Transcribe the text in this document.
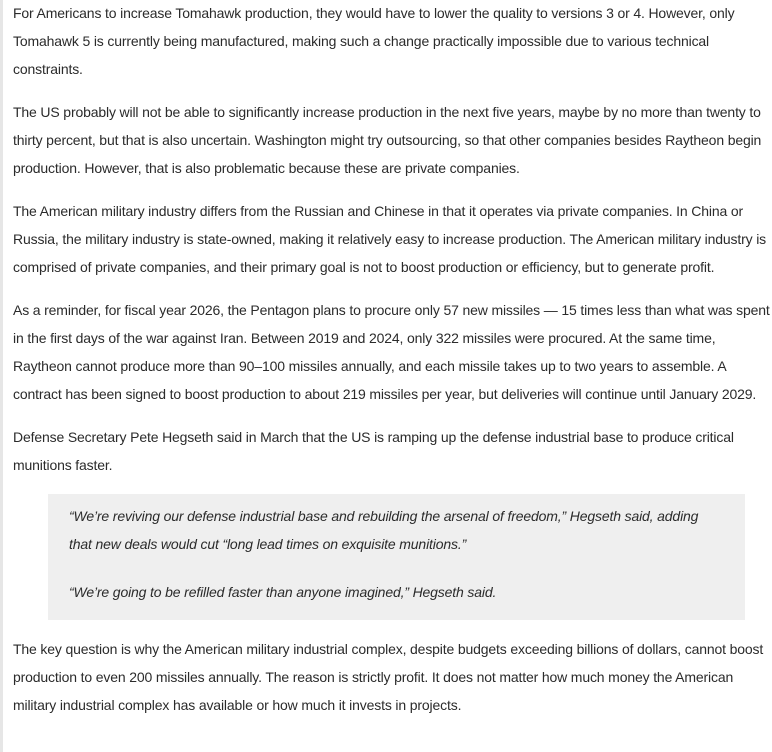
For Americans to increase Tomahawk production, they would have to lower the quality to versions 3 or 4. However, only Tomahawk 5 is currently being manufactured, making such a change practically impossible due to various technical constraints.

The US probably will not be able to significantly increase production in the next five years, maybe by no more than twenty to thirty percent, but that is also uncertain. Washington might try outsourcing, so that other companies besides Raytheon begin production. However, that is also problematic because these are private companies.

The American military industry differs from the Russian and Chinese in that it operates via private companies. In China or Russia, the military industry is state-owned, making it relatively easy to increase production. The American military industry is comprised of private companies, and their primary goal is not to boost production or efficiency, but to generate profit.

As a reminder, for fiscal year 2026, the Pentagon plans to procure only 57 new missiles — 15 times less than what was spent in the first days of the war against Iran. Between 2019 and 2024, only 322 missiles were procured. At the same time, Raytheon cannot produce more than 90–100 missiles annually, and each missile takes up to two years to assemble. A contract has been signed to boost production to about 219 missiles per year, but deliveries will continue until January 2029.

Defense Secretary Pete Hegseth said in March that the US is ramping up the defense industrial base to produce critical munitions faster.

“We’re reviving our defense industrial base and rebuilding the arsenal of freedom,” Hegseth said, adding that new deals would cut “long lead times on exquisite munitions.”

“We’re going to be refilled faster than anyone imagined,” Hegseth said.

The key question is why the American military industrial complex, despite budgets exceeding billions of dollars, cannot boost production to even 200 missiles annually. The reason is strictly profit. It does not matter how much money the American military industrial complex has available or how much it invests in projects.
